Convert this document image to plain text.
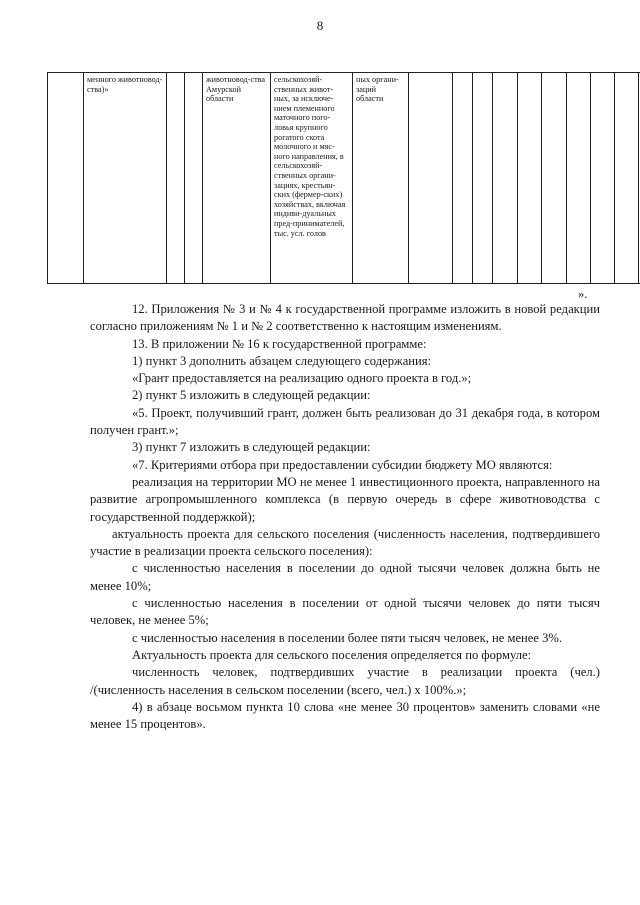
8
	менного животновод-ства)»			животновод-ства Амурской области	сельскохозяй-ственных живот-ных, за исключе-нием племенного маточного пого-ловья крупного рогатого скота молочного и мяс-ного направления, в сельскохозяй-ственных органи-зациях, крестьян-ских (фермер-ских) хозяйствах, включая индиви-дуальных пред-принимателей, тыс. усл. голов	ных органи-заций области										
».

12. Приложения № 3 и № 4 к государственной программе изложить в новой редакции согласно приложениям № 1 и № 2 соответственно к настоящим изменениям.

13. В приложении № 16 к государственной программе:

1) пункт 3 дополнить абзацем следующего содержания:

«Грант предоставляется на реализацию одного проекта в год.»;

2) пункт 5 изложить в следующей редакции:

«5. Проект, получивший грант, должен быть реализован до 31 декабря года, в котором получен грант.»;

3) пункт 7 изложить в следующей редакции:

«7. Критериями отбора при предоставлении субсидии бюджету МО являются:

реализация на территории МО не менее 1 инвестиционного проекта, направленного на развитие агропромышленного комплекса (в первую очередь в сфере животноводства с государственной поддержкой);

актуальность проекта для сельского поселения (численность населения, подтвердившего участие в реализации проекта сельского поселения):

с численностью населения в поселении до одной тысячи человек должна быть не менее 10%;

с численностью населения в поселении от одной тысячи человек до пяти тысяч человек, не менее 5%;

с численностью населения в поселении более пяти тысяч человек, не менее 3%.

Актуальность проекта для сельского поселения определяется по формуле:

численность человек, подтвердивших участие в реализации проекта (чел.) /(численность населения в сельском поселении (всего, чел.) х 100%.»;

4) в абзаце восьмом пункта 10 слова «не менее 30 процентов» заменить словами «не менее 15 процентов».
